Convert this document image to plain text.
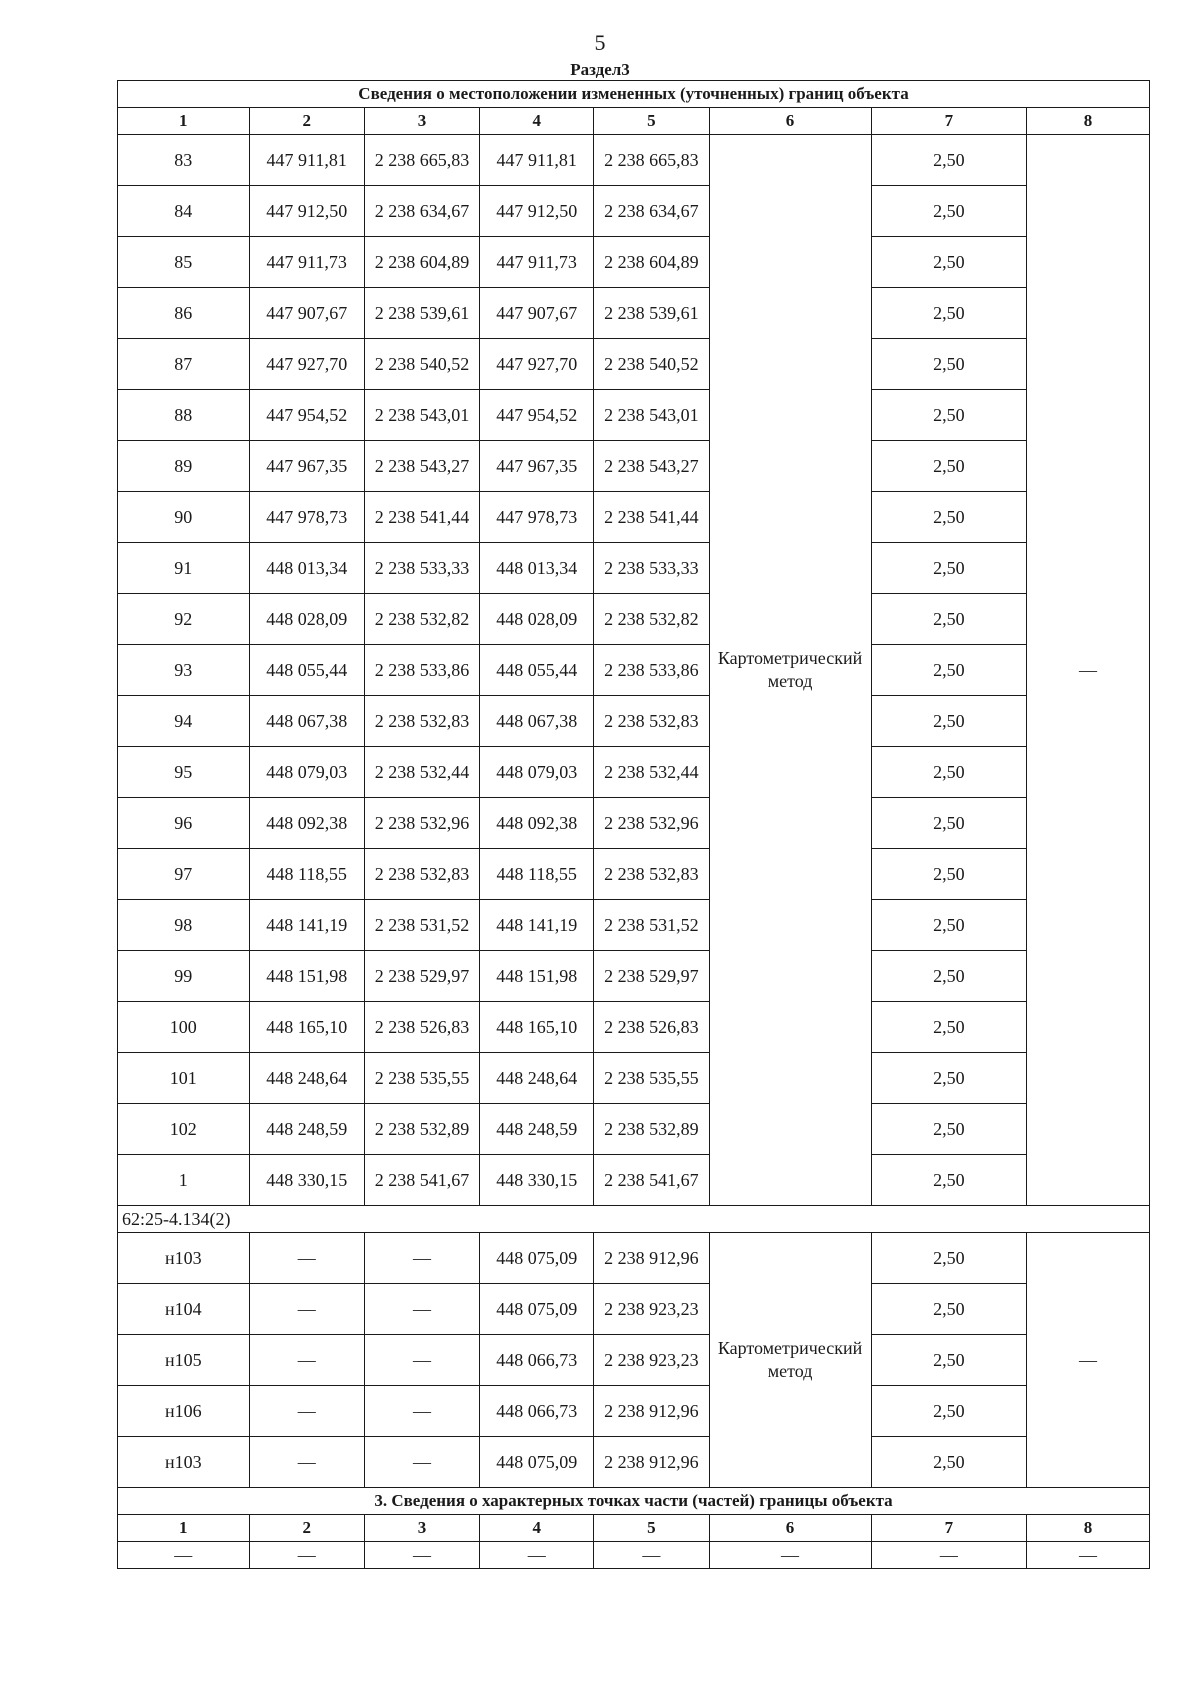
5
Раздел3
Сведения о местоположении измененных (уточненных) границ объекта							
1	2	3	4	5	6	7	8
83	447 911,81	2 238 665,83	447 911,81	2 238 665,83	Картометрический метод	2,50	—
84	447 912,50	2 238 634,67	447 912,50	2 238 634,67		2,50	
85	447 911,73	2 238 604,89	447 911,73	2 238 604,89		2,50	
86	447 907,67	2 238 539,61	447 907,67	2 238 539,61		2,50	
87	447 927,70	2 238 540,52	447 927,70	2 238 540,52		2,50	
88	447 954,52	2 238 543,01	447 954,52	2 238 543,01		2,50	
89	447 967,35	2 238 543,27	447 967,35	2 238 543,27		2,50	
90	447 978,73	2 238 541,44	447 978,73	2 238 541,44		2,50	
91	448 013,34	2 238 533,33	448 013,34	2 238 533,33		2,50	
92	448 028,09	2 238 532,82	448 028,09	2 238 532,82		2,50	
93	448 055,44	2 238 533,86	448 055,44	2 238 533,86		2,50	
94	448 067,38	2 238 532,83	448 067,38	2 238 532,83		2,50	
95	448 079,03	2 238 532,44	448 079,03	2 238 532,44		2,50	
96	448 092,38	2 238 532,96	448 092,38	2 238 532,96		2,50	
97	448 118,55	2 238 532,83	448 118,55	2 238 532,83		2,50	
98	448 141,19	2 238 531,52	448 141,19	2 238 531,52		2,50	
99	448 151,98	2 238 529,97	448 151,98	2 238 529,97		2,50	
100	448 165,10	2 238 526,83	448 165,10	2 238 526,83		2,50	
101	448 248,64	2 238 535,55	448 248,64	2 238 535,55		2,50	
102	448 248,59	2 238 532,89	448 248,59	2 238 532,89		2,50	
1	448 330,15	2 238 541,67	448 330,15	2 238 541,67		2,50	
62:25-4.134(2)							
н103	—	—	448 075,09	2 238 912,96	Картометрический метод	2,50	—
н104	—	—	448 075,09	2 238 923,23		2,50	
н105	—	—	448 066,73	2 238 923,23		2,50	
н106	—	—	448 066,73	2 238 912,96		2,50	
н103	—	—	448 075,09	2 238 912,96		2,50	
3. Сведения о характерных точках части (частей) границы объекта							
1	2	3	4	5	6	7	8
—	—	—	—	—	—	—	—
